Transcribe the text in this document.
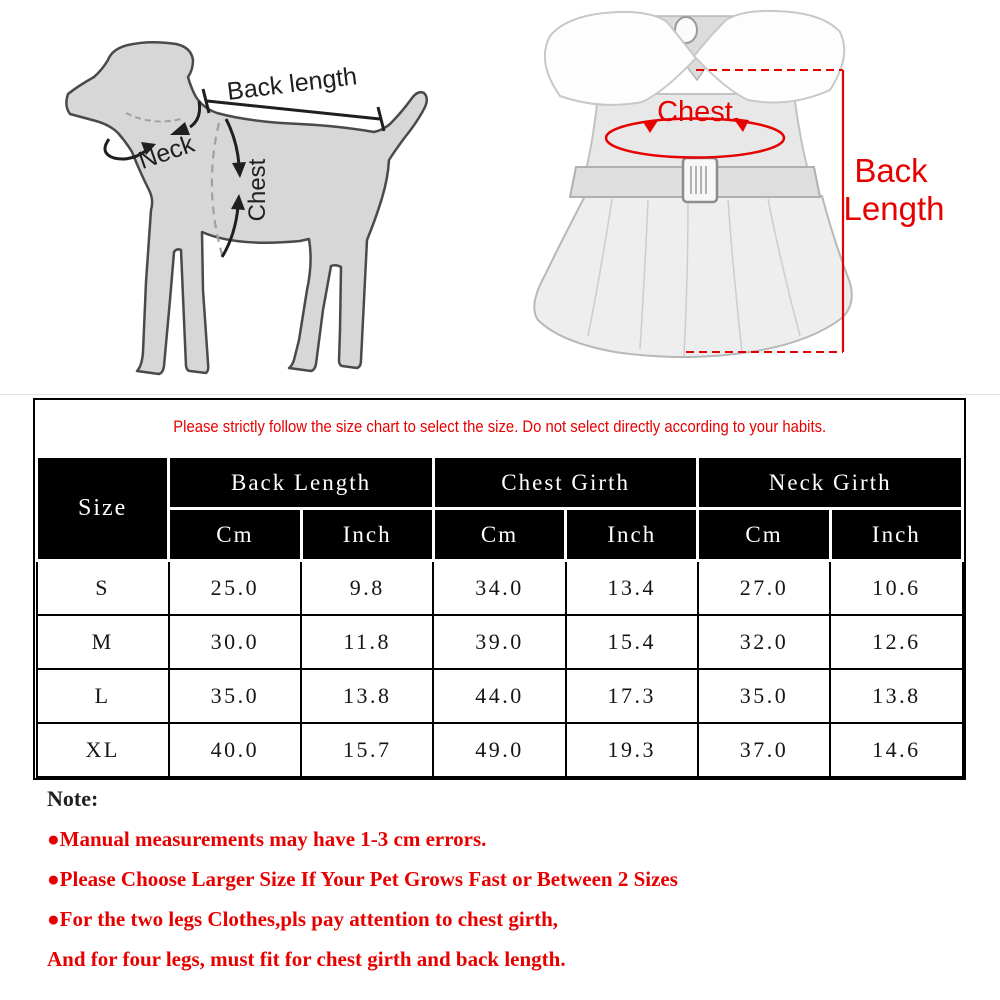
Back length
Neck
Chest
Chest.
Back
Length
Please strictly follow the size chart to select the size. Do not select directly according to your habits.
Size	Back Length		Chest Girth		Neck Girth	
	Cm	Inch	Cm	Inch	Cm	Inch
S	25.0	9.8	34.0	13.4	27.0	10.6
M	30.0	11.8	39.0	15.4	32.0	12.6
L	35.0	13.8	44.0	17.3	35.0	13.8
XL	40.0	15.7	49.0	19.3	37.0	14.6
Note:
●Manual measurements may have 1-3 cm errors.
●Please Choose Larger Size If Your Pet Grows Fast or Between 2 Sizes
●For the two legs Clothes,pls pay attention to chest girth,
And for four legs, must fit for chest girth and back length.
